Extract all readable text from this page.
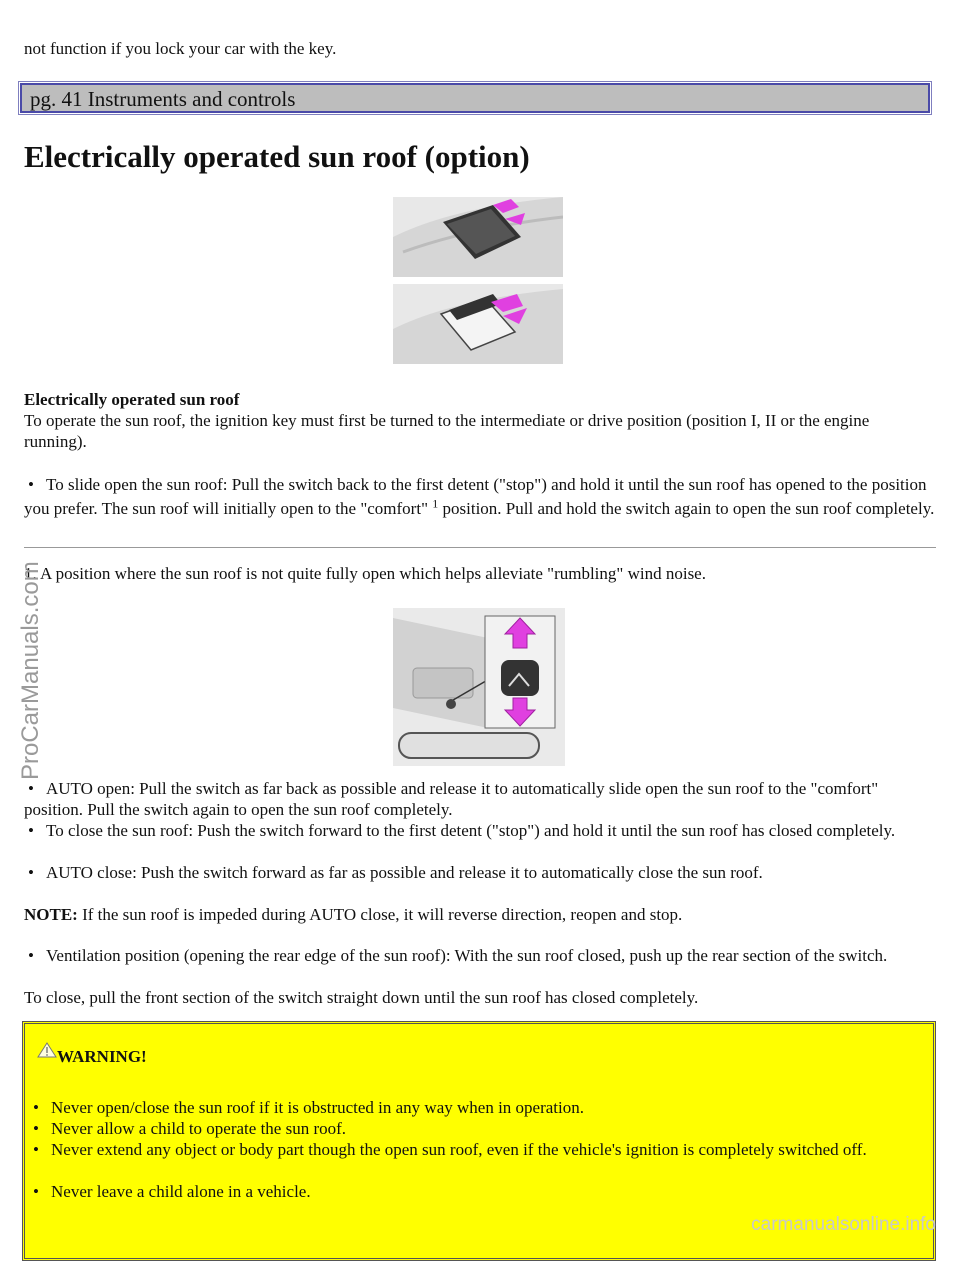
not function if you lock your car with the key.
pg. 41 Instruments and controls
Electrically operated sun roof (option)
Electrically operated sun roof
To operate the sun roof, the ignition key must first be turned to the intermediate or drive position (position I, II or the engine running).
• To slide open the sun roof: Pull the switch back to the first detent ("stop") and hold it until the sun roof has opened to the position you prefer. The sun roof will initially open to the "comfort" $^1$ position. Pull and hold the switch again to open the sun roof completely.
1. A position where the sun roof is not quite fully open which helps alleviate "rumbling" wind noise.
• AUTO open: Pull the switch as far back as possible and release it to automatically slide open the sun roof to the "comfort" position. Pull the switch again to open the sun roof completely.
• To close the sun roof: Push the switch forward to the first detent ("stop") and hold it until the sun roof has closed completely.
• AUTO close: Push the switch forward as far as possible and release it to automatically close the sun roof.
NOTE: If the sun roof is impeded during AUTO close, it will reverse direction, reopen and stop.
• Ventilation position (opening the rear edge of the sun roof): With the sun roof closed, push up the rear section of the switch.
To close, pull the front section of the switch straight down until the sun roof has closed completely.
WARNING!
• Never open/close the sun roof if it is obstructed in any way when in operation.
• Never allow a child to operate the sun roof.
• Never extend any object or body part though the open sun roof, even if the vehicle's ignition is completely switched off.
• Never leave a child alone in a vehicle.
ProCarManuals.com
carmanualsonline.info
